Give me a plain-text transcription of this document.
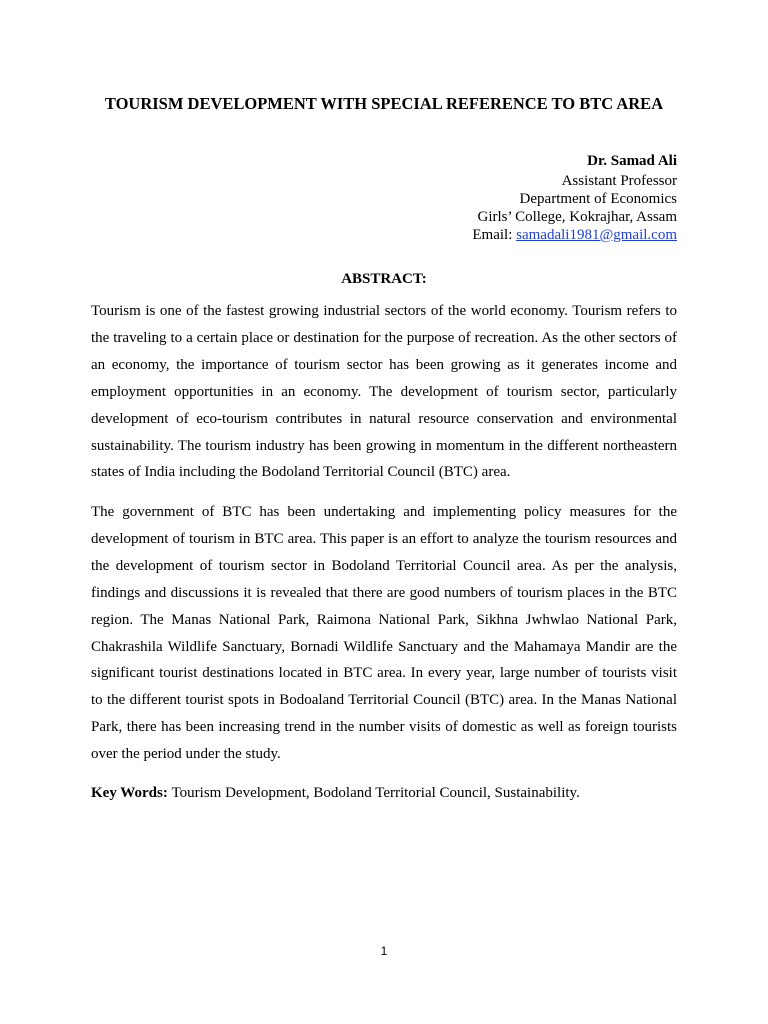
TOURISM DEVELOPMENT WITH SPECIAL REFERENCE TO BTC AREA
Dr. Samad Ali
Assistant Professor
Department of Economics
Girls’ College, Kokrajhar, Assam
Email: samadali1981@gmail.com
ABSTRACT:

Tourism is one of the fastest growing industrial sectors of the world economy. Tourism refers to the traveling to a certain place or destination for the purpose of recreation. As the other sectors of an economy, the importance of tourism sector has been growing as it generates income and employment opportunities in an economy. The development of tourism sector, particularly development of eco-tourism contributes in natural resource conservation and environmental sustainability. The tourism industry has been growing in momentum in the different northeastern states of India including the Bodoland Territorial Council (BTC) area.

The government of BTC has been undertaking and implementing policy measures for the development of tourism in BTC area. This paper is an effort to analyze the tourism resources and the development of tourism sector in Bodoland Territorial Council area. As per the analysis, findings and discussions it is revealed that there are good numbers of tourism places in the BTC region. The Manas National Park, Raimona National Park, Sikhna Jwhwlao National Park, Chakrashila Wildlife Sanctuary, Bornadi Wildlife Sanctuary and the Mahamaya Mandir are the significant tourist destinations located in BTC area. In every year, large number of tourists visit to the different tourist spots in Bodoaland Territorial Council (BTC) area. In the Manas National Park, there has been increasing trend in the number visits of domestic as well as foreign tourists over the period under the study.

Key Words: Tourism Development, Bodoland Territorial Council, Sustainability.
1
